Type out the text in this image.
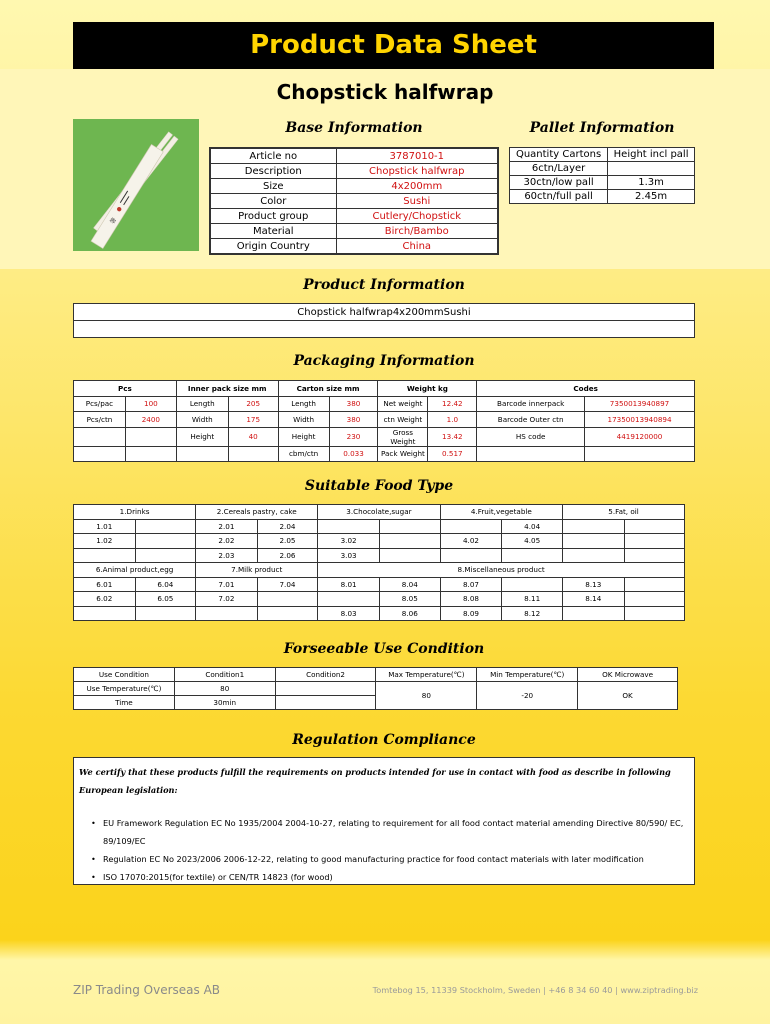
Product Data Sheet
Chopstick halfwrap
Base Information	Pallet Information
箸
Article no	3787010-1
Description	Chopstick halfwrap
Size	4x200mm
Color	Sushi
Product group	Cutlery/Chopstick
Material	Birch/Bambo
Origin Country	China
Quantity Cartons	Height incl pall
6ctn/Layer	
30ctn/low pall	1.3m
60ctn/full pall	2.45m
Product Information
Chopstick halfwrap4x200mmSushi

Packaging Information
Pcs		Inner pack size mm		Carton size mm		Weight kg		Codes	
Pcs/pac	100	Length	205	Length	380	Net weight	12.42	Barcode innerpack	7350013940897
Pcs/ctn	2400	Width	175	Width	380	ctn Weight	1.0	Barcode Outer ctn	17350013940894
		Height	40	Height	230	Gross Weight	13.42	HS code	4419120000
				cbm/ctn	0.033	Pack Weight	0.517		
Suitable Food Type
1.Drinks		2.Cereals pastry, cake		3.Chocolate,sugar		4.Fruit,vegetable		5.Fat, oil	
1.01		2.01	2.04				4.04		
1.02		2.02	2.05	3.02		4.02	4.05		
		2.03	2.06	3.03					
6.Animal product,egg		7.Milk product		8.Miscellaneous product					
6.01	6.04	7.01	7.04	8.01	8.04	8.07		8.13	
6.02	6.05	7.02			8.05	8.08	8.11	8.14	
				8.03	8.06	8.09	8.12		
Forseeable Use Condition
Use Condition	Condition1	Condition2	Max Temperature(℃)	Min Temperature(℃)	OK Microwave
Use Temperature(℃)	80		80	-20	OK
Time	30min				
Regulation Compliance
We certify that these products fulfill the requirements on products intended for use in contact with food as describe in following European legislation:
• EU Framework Regulation EC No 1935/2004 2004-10-27, relating to requirement for all food contact material amending Directive 80/590/ EC, 89/109/EC
• Regulation EC No 2023/2006 2006-12-22, relating to good manufacturing practice for food contact materials with later modification
• ISO 17070:2015(for textile) or CEN/TR 14823 (for wood)
ZIP Trading Overseas AB	Tomtebog 15, 11339 Stockholm, Sweden | +46 8 34 60 40 | www.ziptrading.biz
